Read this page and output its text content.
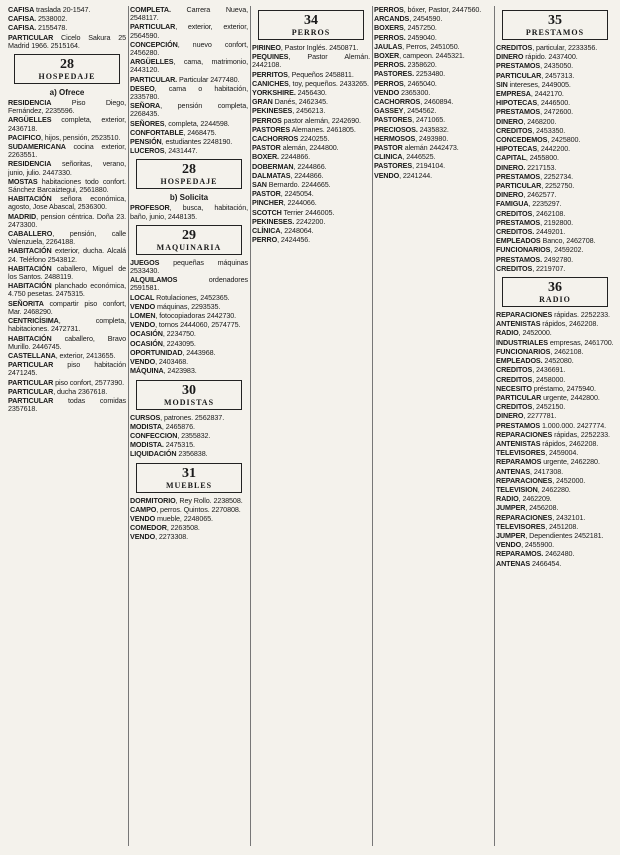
CAFISA traslada 20-1547.
CAFISA. 2538002.
CAFISA. 2155478.
PARTICULAR Cicelo Sakura 25 Madrid 1966. 2515164.
28
HOSPEDAJE
a) Ofrece
RESIDENCIA Piso Diego, Fernández, 2235596.
ARGÜELLES completa, exterior, 2436718.
PACIFICO, hijos, pensión, 2523510.
SUDAMERICANA cocina exterior, 2263551.
RESIDENCIA señoritas, verano, junio, julio. 2447330.
MOSTAS habitaciones todo confort. Sánchez Barcaiztegui, 2561880.
HABITACIÓN señora económica, agosto, Jose Abascal, 2536300.
MADRID, pension céntrica. Doña 23. 2473300.
CABALLERO, pensión, calle Valenzuela, 2264188.
HABITACIÓN exterior, ducha. Alcalá 24. Teléfono 2543812.
HABITACIÓN caballero, Miguel de los Santos. 2488119.
HABITACIÓN planchado económica, 4.750 pesetas. 2475315.
SEÑORITA compartir piso confort, Mar. 2468290.
CENTRICÍSIMA, completa, habitaciones. 2472731.
HABITACIÓN caballero, Bravo Murillo. 2446745.
CASTELLANA, exterior, 2413655.
PARTICULAR piso habitación 2471245.
PARTICULAR piso confort, 2577390.
PARTICULAR, ducha 2367618.
PARTICULAR todas comidas 2357618.
COMPLETA. Carrera Nueva, 2548117.
PARTICULAR, exterior, exterior, 2564590.
CONCEPCIÓN, nuevo confort, 2456280.
ARGÜELLES, cama, matrimonio, 2443120.
PARTICULAR. Particular 2477480.
DESEO, cama o habitación, 2335780.
SEÑORA, pensión completa, 2268435.
SEÑORES, completa, 2244598.
CONFORTABLE, 2468475.
PENSIÓN, estudiantes 2248190.
LUCEROS, 2431447.
28
HOSPEDAJE
b) Solicita
PROFESOR, busca, habitación, baño, junio, 2448135.
29
MAQUINARIA
JUEGOS pequeñas máquinas 2533430.
ALQUILAMOS ordenadores 2591581.
LOCAL Rotulaciones, 2452365.
VENDO máquinas, 2293535.
LOMEN, fotocopiadoras 2442730.
VENDO, tornos 2444060, 2574775.
OCASIÓN, 2234750.
OCASIÓN, 2243095.
OPORTUNIDAD, 2443968.
VENDO, 2403468.
MÁQUINA, 2423983.
30
MODISTAS
CURSOS, patrones. 2562837.
MODISTA, 2465876.
CONFECCION, 2355832.
MODISTA. 2475315.
LIQUIDACIÓN 2356838.
31
MUEBLES
DORMITORIO, Rey Rollo. 2238508.
CAMPO, perros. Quintos. 2270808.
VENDO mueble, 2248065.
COMEDOR, 2263508.
VENDO, 2273308.
34
PERROS
PIRINEO, Pastor Inglés. 2450871.
PEQUINES, Pastor Alemán. 2442108.
PERRITOS, Pequeños 2458811.
CANICHES, toy, pequeños. 2433265.
YORKSHIRE. 2456430.
GRAN Danés, 2462345.
PEKINESES, 2456213.
PERROS pastor alemán, 2242690.
PASTORES Alemanes. 2461805.
CACHORROS 2240255.
PASTOR alemán, 2244800.
BOXER. 2244866.
DOBERMAN, 2244866.
DALMATAS, 2244866.
SAN Bernardo. 2244665.
PASTOR, 2245054.
PINCHER, 2244066.
SCOTCH Terrier 2446005.
PEKINESES. 2242200.
CLÍNICA, 2248064.
PERRO, 2424456.
PERROS, bóxer, Pastor, 2447560.
ARCANDS, 2454590.
BOXERS, 2457250.
PERROS. 2459040.
JAULAS, Perros, 2451050.
BOXER, campeon. 2445321.
PERROS. 2358620.
PASTORES. 2253480.
PERROS, 2465040.
VENDO 2365300.
CACHORROS, 2460894.
GASSEY, 2454562.
PASTORES, 2471065.
PRECIOSOS. 2435832.
HERMOSOS, 2493980.
PASTOR alemán 2442473.
CLINICA, 2446525.
PASTORES, 2194104.
VENDO, 2241244.
35
PRESTAMOS
CREDITOS, particular, 2233356.
DINERO rápido. 2437400.
PRESTAMOS, 2435050.
PARTICULAR, 2457313.
SIN intereses, 2449005.
EMPRESA, 2442170.
HIPOTECAS, 2446500.
PRESTAMOS, 2472600.
DINERO, 2468200.
CREDITOS, 2453350.
CONCEDEMOS, 2425800.
HIPOTECAS, 2442200.
CAPITAL, 2455800.
DINERO. 2217153.
PRESTAMOS, 2252734.
PARTICULAR, 2252750.
DINERO, 2462577.
FAMIGUA, 2235297.
CREDITOS, 2462108.
PRESTAMOS, 2192800.
CREDITOS. 2449201.
EMPLEADOS Banco, 2462708.
FUNCIONARIOS, 2459202.
PRESTAMOS. 2492780.
CREDITOS, 2219707.
36
RADIO
REPARACIONES rápidas. 2252233.
ANTENISTAS rápidos, 2462208.
RADIO, 2452000.
INDUSTRIALES empresas, 2461700.
FUNCIONARIOS, 2462108.
EMPLEADOS. 2452080.
CREDITOS, 2436691.
CREDITOS, 2458000.
NECESITO préstamo, 2475940.
PARTICULAR urgente, 2442800.
CREDITOS, 2452150.
DINERO, 2277781.
PRESTAMOS 1.000.000. 2427774.
REPARACIONES rápidas, 2252233.
ANTENISTAS rápidos, 2462208.
TELEVISORES, 2459004.
REPARAMOS urgente, 2462280.
ANTENAS, 2417308.
REPARACIONES, 2452000.
TELEVISION, 2462280.
RADIO, 2462209.
JUMPER, 2456208.
REPARACIONES, 2432101.
TELEVISORES, 2451208.
JUMPER, Dependientes 2452181.
VENDO, 2455900.
REPARAMOS. 2462480.
ANTENAS 2466454.
